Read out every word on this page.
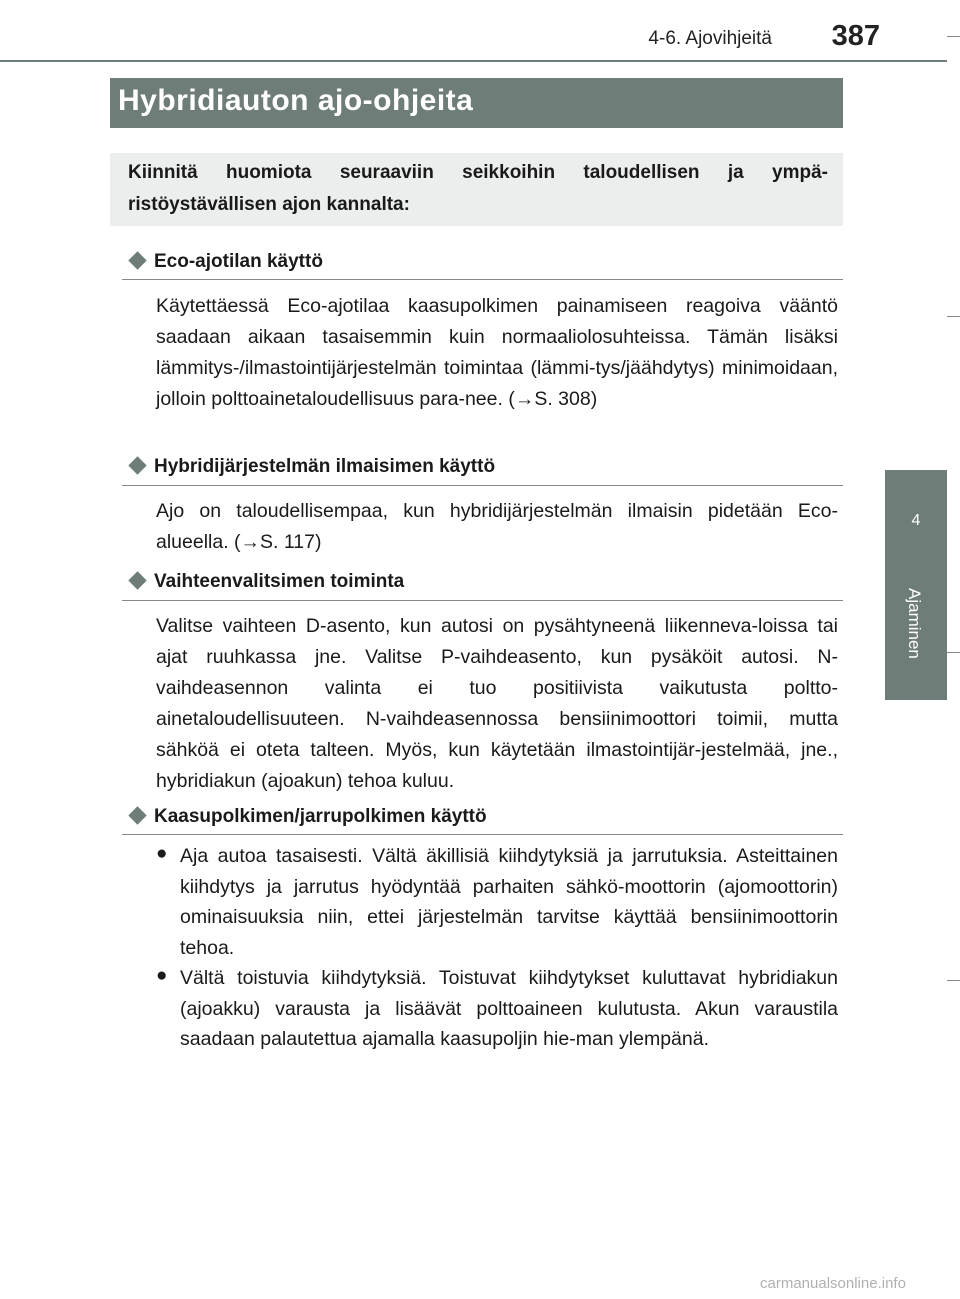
4-6. Ajovihjeitä	387
4
Ajaminen
Hybridiauton ajo-ohjeita
Kiinnitä huomiota seuraaviin seikkoihin taloudellisen ja ympä-ristöystävällisen ajon kannalta:
Eco-ajotilan käyttö
Käytettäessä Eco-ajotilaa kaasupolkimen painamiseen reagoiva vääntö saadaan aikaan tasaisemmin kuin normaaliolosuhteissa. Tämän lisäksi lämmitys-/ilmastointijärjestelmän toimintaa (lämmi-tys/jäähdytys) minimoidaan, jolloin polttoainetaloudellisuus para-nee. (→S. 308)
Hybridijärjestelmän ilmaisimen käyttö
Ajo on taloudellisempaa, kun hybridijärjestelmän ilmaisin pidetään Eco-alueella. (→S. 117)
Vaihteenvalitsimen toiminta
Valitse vaihteen D-asento, kun autosi on pysähtyneenä liikenneva-loissa tai ajat ruuhkassa jne. Valitse P-vaihdeasento, kun pysäköit autosi. N-vaihdeasennon valinta ei tuo positiivista vaikutusta poltto-ainetaloudellisuuteen. N-vaihdeasennossa bensiinimoottori toimii, mutta sähköä ei oteta talteen. Myös, kun käytetään ilmastointijär-jestelmää, jne., hybridiakun (ajoakun) tehoa kuluu.
Kaasupolkimen/jarrupolkimen käyttö
● Aja autoa tasaisesti. Vältä äkillisiä kiihdytyksiä ja jarrutuksia. Asteittainen kiihdytys ja jarrutus hyödyntää parhaiten sähkö-moottorin (ajomoottorin) ominaisuuksia niin, ettei järjestelmän tarvitse käyttää bensiinimoottorin tehoa.
● Vältä toistuvia kiihdytyksiä. Toistuvat kiihdytykset kuluttavat hybridiakun (ajoakku) varausta ja lisäävät polttoaineen kulutusta. Akun varaustila saadaan palautettua ajamalla kaasupoljin hie-man ylempänä.
carmanualsonline.info
